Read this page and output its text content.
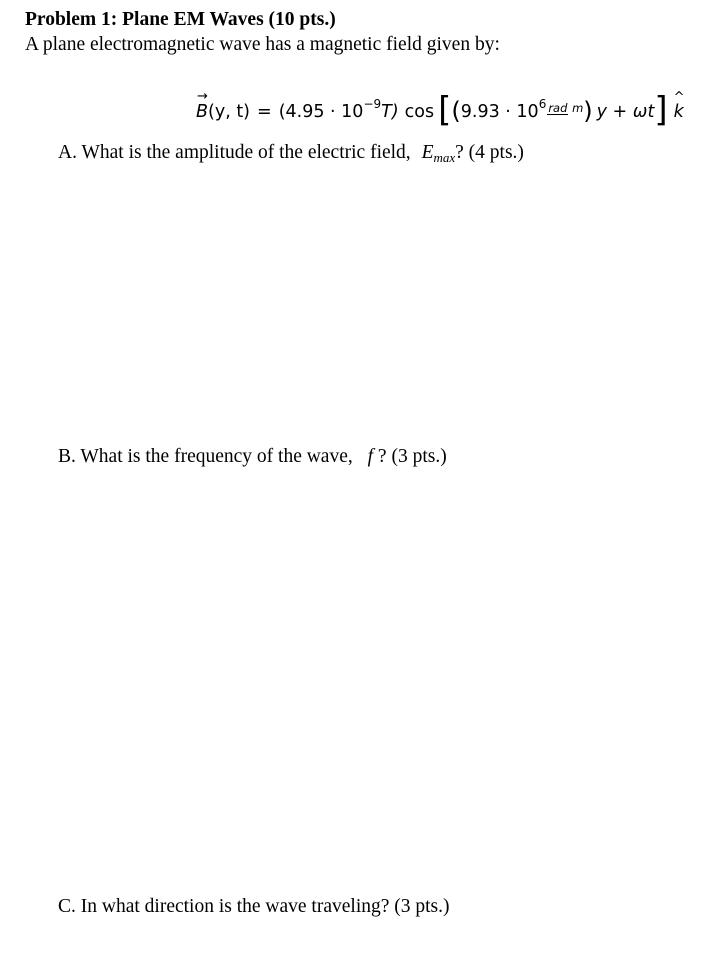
Problem 1: Plane EM Waves (10 pts.)
A plane electromagnetic wave has a magnetic field given by:
B
→
(y, t) = (4.95 · 10 −9 T) cos [ ( 9.93 · 10 6 rad m ) y + ωt ] k
^
A. What is the amplitude of the electric field, $E_{max}$? (4 pts.)
B. What is the frequency of the wave, f ? (3 pts.)
C. In what direction is the wave traveling? (3 pts.)
